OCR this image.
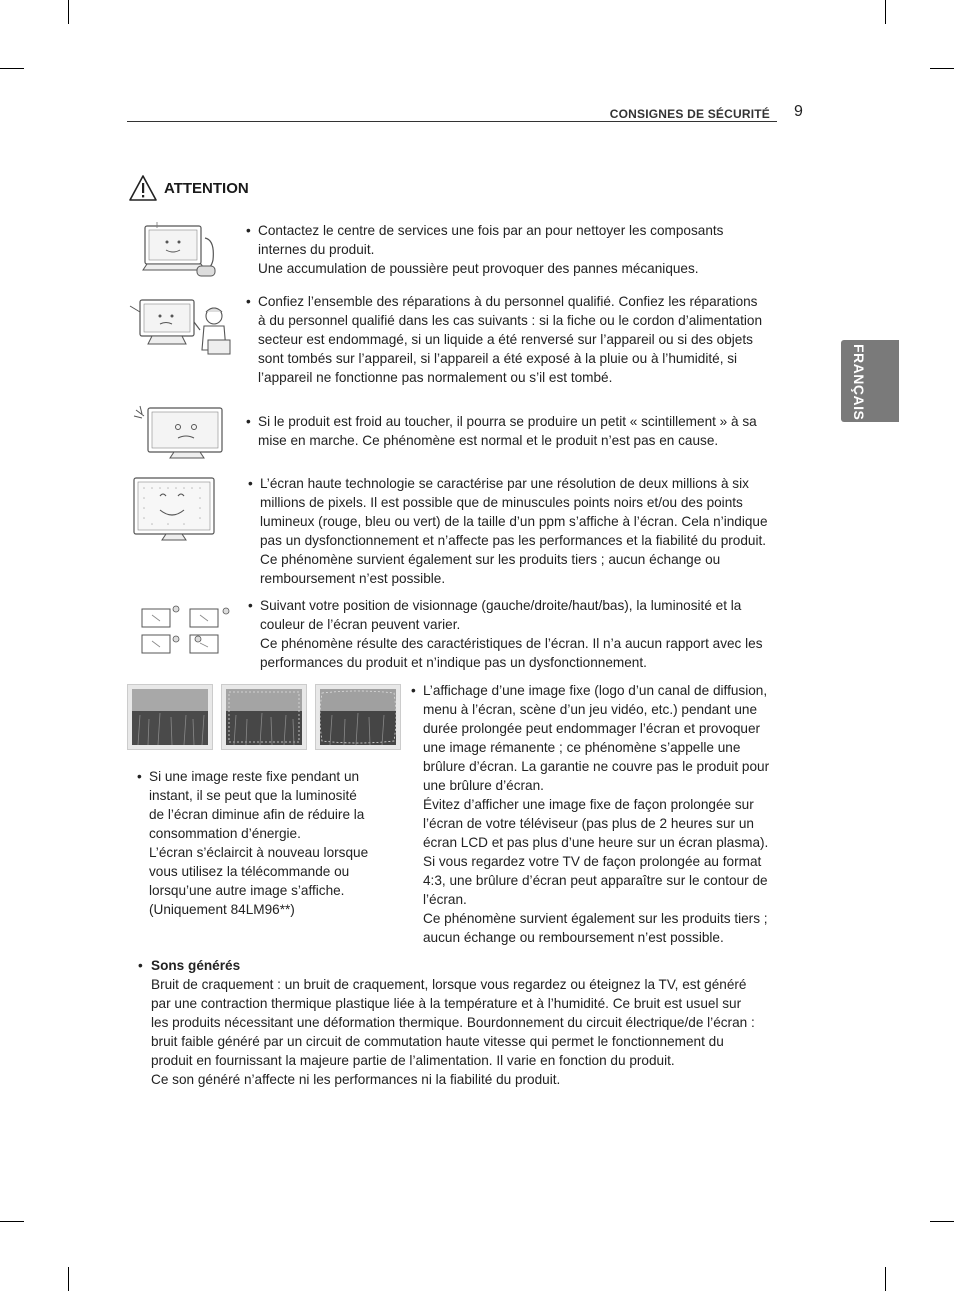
CONSIGNES DE SÉCURITÉ 9
FRANÇAIS
ATTENTION
• Contactez le centre de services une fois par an pour nettoyer les composants
internes du produit.
Une accumulation de poussière peut provoquer des pannes mécaniques.

• Confiez l’ensemble des réparations à du personnel qualifié. Confiez les réparations
à du personnel qualifié dans les cas suivants : si la fiche ou le cordon d’alimentation
secteur est endommagé, si un liquide a été renversé sur l’appareil ou si des objets
sont tombés sur l’appareil, si l’appareil a été exposé à la pluie ou à l’humidité, si
l’appareil ne fonctionne pas normalement ou s’il est tombé.

• Si le produit est froid au toucher, il pourra se produire un petit « scintillement » à sa
mise en marche. Ce phénomène est normal et le produit n’est pas en cause.

• L’écran haute technologie se caractérise par une résolution de deux millions à six
millions de pixels. Il est possible que de minuscules points noirs et/ou des points
lumineux (rouge, bleu ou vert) de la taille d’un ppm s’affiche à l’écran. Cela n’indique
pas un dysfonctionnement et n’affecte pas les performances et la fiabilité du produit.
Ce phénomène survient également sur les produits tiers ; aucun échange ou
remboursement n’est possible.

• Suivant votre position de visionnage (gauche/droite/haut/bas), la luminosité et la
couleur de l’écran peuvent varier.
Ce phénomène résulte des caractéristiques de l’écran. Il n’a aucun rapport avec les
performances du produit et n’indique pas un dysfonctionnement.

• Si une image reste fixe pendant un
instant, il se peut que la luminosité
de l’écran diminue afin de réduire la
consommation d’énergie.
L’écran s’éclaircit à nouveau lorsque
vous utilisez la télécommande ou
lorsqu’une autre image s’affiche.
(Uniquement 84LM96**)

• L’affichage d’une image fixe (logo d’un canal de diffusion,
menu à l’écran, scène d’un jeu vidéo, etc.) pendant une
durée prolongée peut endommager l’écran et provoquer
une image rémanente ; ce phénomène s’appelle une
brûlure d’écran. La garantie ne couvre pas le produit pour
une brûlure d’écran.
Évitez d’afficher une image fixe de façon prolongée sur
l’écran de votre téléviseur (pas plus de 2 heures sur un
écran LCD et pas plus d’une heure sur un écran plasma).
Si vous regardez votre TV de façon prolongée au format
4:3, une brûlure d’écran peut apparaître sur le contour de
l’écran.
Ce phénomène survient également sur les produits tiers ;
aucun échange ou remboursement n’est possible.

• Sons générés

Bruit de craquement : un bruit de craquement, lorsque vous regardez ou éteignez la TV, est généré
par une contraction thermique plastique liée à la température et à l’humidité. Ce bruit est usuel sur
les produits nécessitant une déformation thermique. Bourdonnement du circuit électrique/de l’écran :
bruit faible généré par un circuit de commutation haute vitesse qui permet le fonctionnement du
produit en fournissant la majeure partie de l’alimentation. Il varie en fonction du produit.
Ce son généré n’affecte ni les performances ni la fiabilité du produit.
